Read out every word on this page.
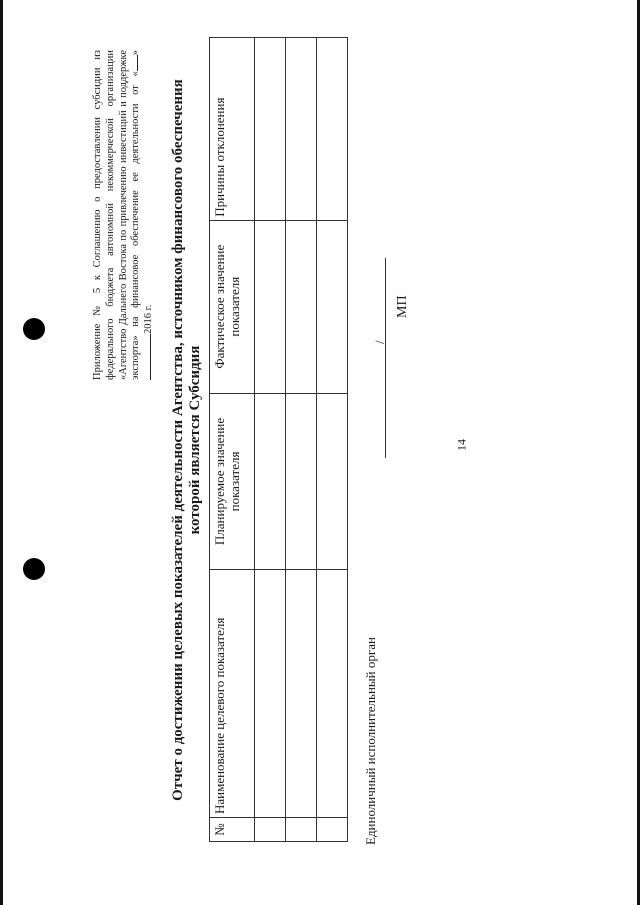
14

Приложение № 5 к Соглашению о предоставлении субсидии из федерального бюджета автономной некоммерческой организации «Агентство Дальнего Востока по привлечению инвестиций и поддержке экспорта» на финансовое обеспечение ее деятельности от «» 2016 г. Отчет о достижении целевых показателей деятельности Агентства, источником финансового обеспечения которой является Субсидия
№	Наименование целевого показателя	Планируемое значение показателя	Фактическое значение показателя	Причины отклонения

Единоличный исполнительный орган
/
МП
